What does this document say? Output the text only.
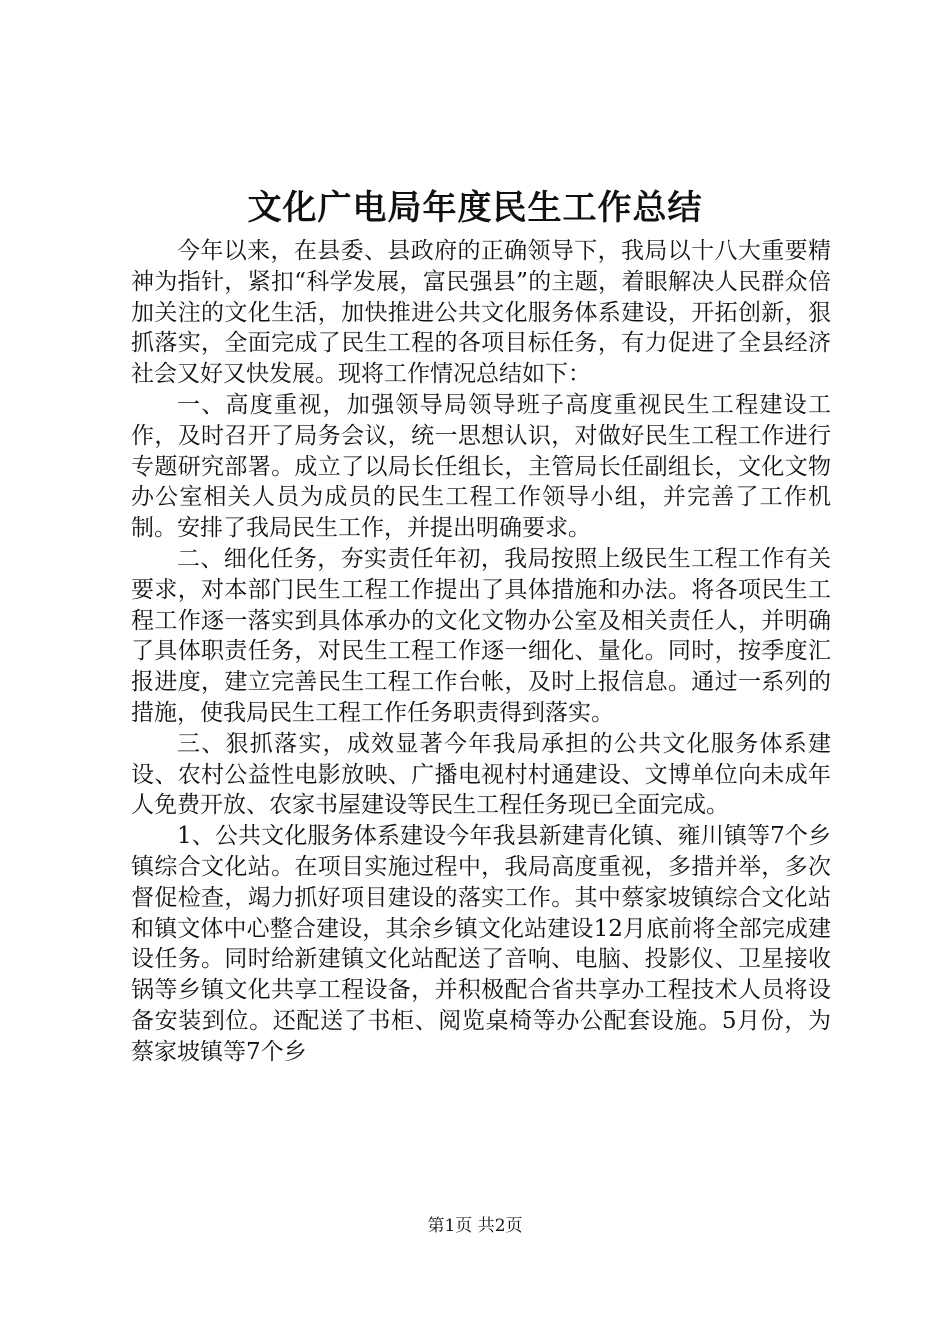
文化广电局年度民生工作总结

今年以来，在县委、县政府的正确领导下，我局以十八大重要精神为指针，紧扣“科学发展，富民强县”的主题，着眼解决人民群众倍加关注的文化生活，加快推进公共文化服务体系建设，开拓创新，狠抓落实，全面完成了民生工程的各项目标任务，有力促进了全县经济社会又好又快发展。现将工作情况总结如下：

一、高度重视，加强领导局领导班子高度重视民生工程建设工作，及时召开了局务会议，统一思想认识，对做好民生工程工作进行专题研究部署。成立了以局长任组长，主管局长任副组长，文化文物办公室相关人员为成员的民生工程工作领导小组，并完善了工作机制。安排了我局民生工作，并提出明确要求。

二、细化任务，夯实责任年初，我局按照上级民生工程工作有关要求，对本部门民生工程工作提出了具体措施和办法。将各项民生工程工作逐一落实到具体承办的文化文物办公室及相关责任人，并明确了具体职责任务，对民生工程工作逐一细化、量化。同时，按季度汇报进度，建立完善民生工程工作台帐，及时上报信息。通过一系列的措施，使我局民生工程工作任务职责得到落实。

三、狠抓落实，成效显著今年我局承担的公共文化服务体系建设、农村公益性电影放映、广播电视村村通建设、文博单位向未成年人免费开放、农家书屋建设等民生工程任务现已全面完成。

1、公共文化服务体系建设今年我县新建青化镇、雍川镇等7个乡镇综合文化站。在项目实施过程中，我局高度重视，多措并举，多次督促检查，竭力抓好项目建设的落实工作。其中蔡家坡镇综合文化站和镇文体中心整合建设，其余乡镇文化站建设12月底前将全部完成建设任务。同时给新建镇文化站配送了音响、电脑、投影仪、卫星接收锅等乡镇文化共享工程设备，并积极配合省共享办工程技术人员将设备安装到位。还配送了书柜、阅览桌椅等办公配套设施。5月份，为蔡家坡镇等7个乡

第1页 共2页
